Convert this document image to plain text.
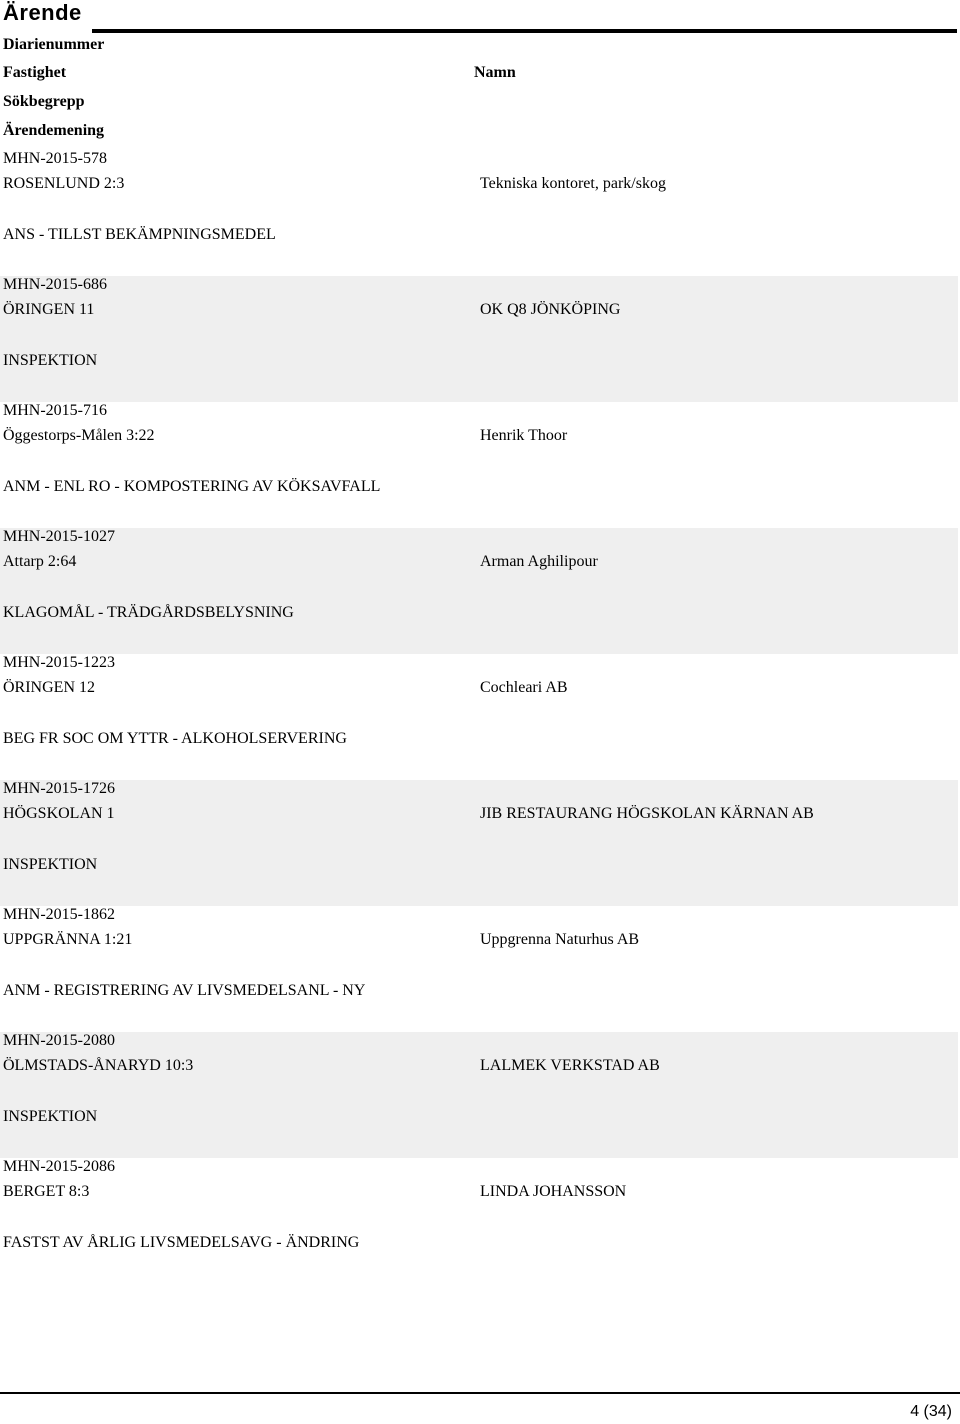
Ärende
Diarienummer
Fastighet	Namn
Sökbegrepp
Ärendemening
MHN-2015-578
ROSENLUND 2:3	Tekniska kontoret, park/skog
ANS - TILLST BEKÄMPNINGSMEDEL
MHN-2015-686
ÖRINGEN 11	OK Q8 JÖNKÖPING
INSPEKTION
MHN-2015-716
Öggestorps-Målen 3:22	Henrik Thoor
ANM - ENL RO - KOMPOSTERING AV KÖKSAVFALL
MHN-2015-1027
Attarp 2:64	Arman Aghilipour
KLAGOMÅL - TRÄDGÅRDSBELYSNING
MHN-2015-1223
ÖRINGEN 12	Cochleari AB
BEG FR SOC OM YTTR - ALKOHOLSERVERING
MHN-2015-1726
HÖGSKOLAN 1	JIB RESTAURANG HÖGSKOLAN KÄRNAN AB
INSPEKTION
MHN-2015-1862
UPPGRÄNNA 1:21	Uppgrenna Naturhus AB
ANM - REGISTRERING AV LIVSMEDELSANL - NY
MHN-2015-2080
ÖLMSTADS-ÅNARYD 10:3	LALMEK VERKSTAD AB
INSPEKTION
MHN-2015-2086
BERGET 8:3	LINDA JOHANSSON
FASTST AV ÅRLIG LIVSMEDELSAVG - ÄNDRING
4 (34)
